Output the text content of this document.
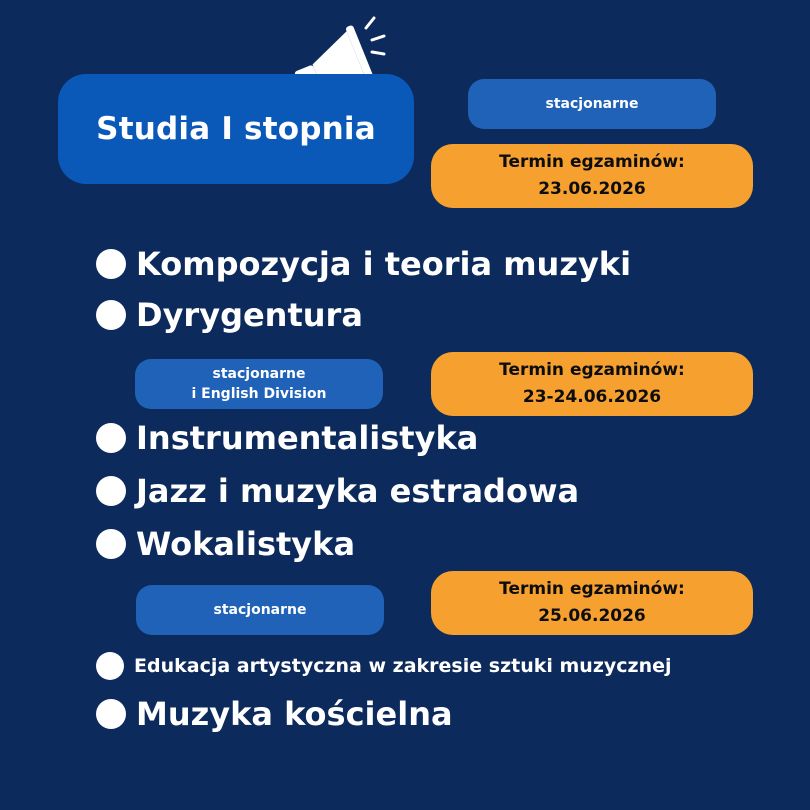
Studia I stopnia
stacjonarne
Termin egzaminów:
23.06.2026
Kompozycja i teoria muzyki
Dyrygentura
stacjonarne
i English Division
Termin egzaminów:
23-24.06.2026
Instrumentalistyka
Jazz i muzyka estradowa
Wokalistyka
stacjonarne
Termin egzaminów:
25.06.2026
Edukacja artystyczna w zakresie sztuki muzycznej
Muzyka kościelna
